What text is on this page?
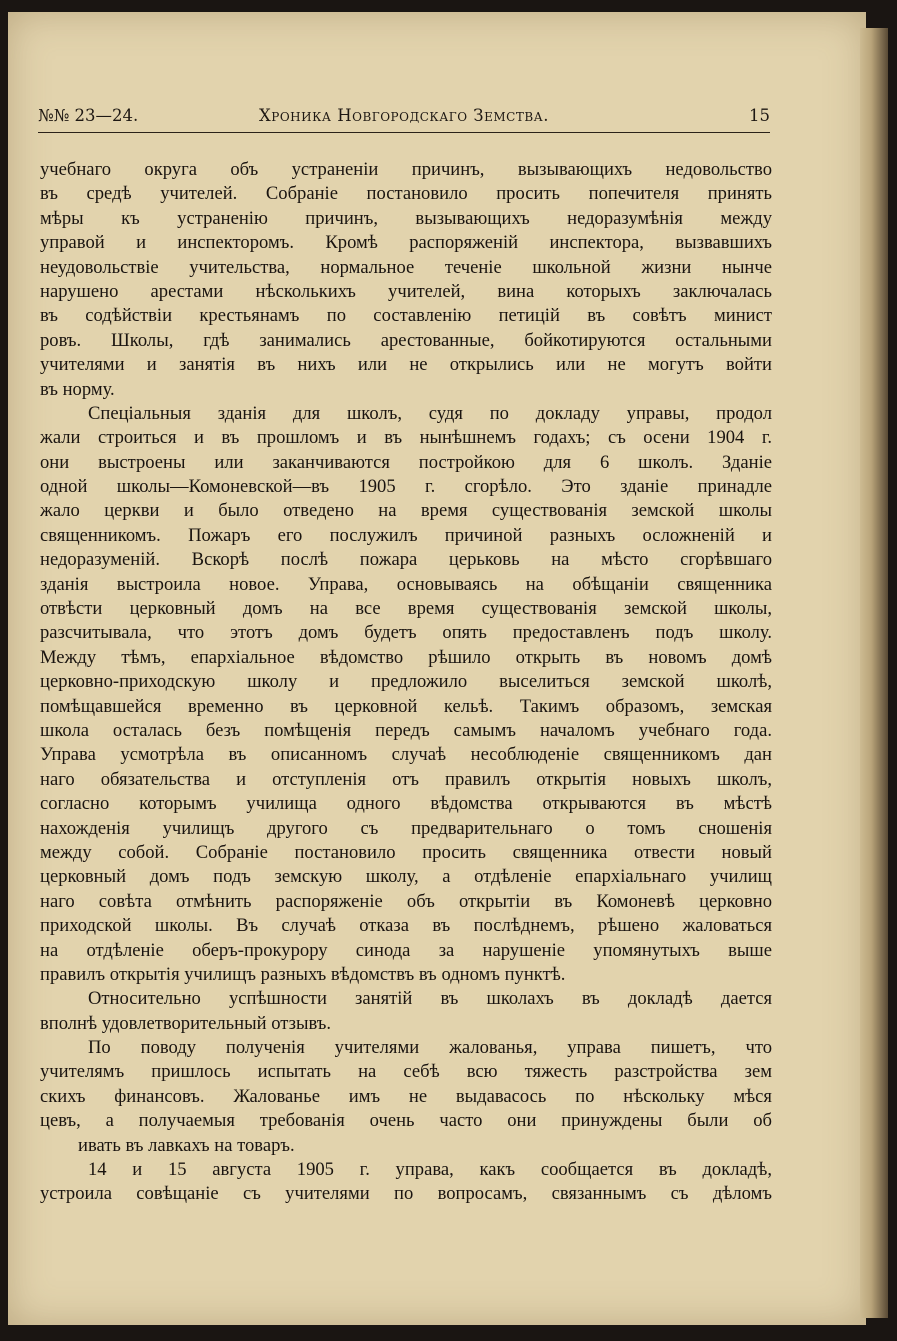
№№ 23—24.	Хроника Новгородскаго Земства.	15
учебнаго округа объ устраненіи причинъ, вызывающихъ недовольство
въ средѣ учителей. Собраніе постановило просить попечителя принять
мѣры къ устраненію причинъ, вызывающихъ недоразумѣнія между
управой и инспекторомъ. Кромѣ распоряженій инспектора, вызвавшихъ
неудовольствіе учительства, нормальное теченіе школьной жизни нынче
нарушено арестами нѣсколькихъ учителей, вина которыхъ заключалась
въ содѣйствіи крестьянамъ по составленію петицій въ совѣтъ минист
ровъ. Школы, гдѣ занимались арестованные, бойкотируются остальными
учителями и занятія въ нихъ или не открылись или не могутъ войти
въ норму.
Спеціальныя зданія для школъ, судя по докладу управы, продол
жали строиться и въ прошломъ и въ нынѣшнемъ годахъ; съ осени 1904 г.
они выстроены или заканчиваются постройкою для 6 школъ. Зданіе
одной школы—Комоневской—въ 1905 г. сгорѣло. Это зданіе принадле
жало церкви и было отведено на время существованія земской школы
священникомъ. Пожаръ его послужилъ причиной разныхъ осложненій и
недоразуменій. Вскорѣ послѣ пожара церьковь на мѣсто сгорѣвшаго
зданія выстроила новое. Управа, основываясь на обѣщаніи священника
отвѣсти церковный домъ на все время существованія земской школы,
разсчитывала, что этотъ домъ будетъ опять предоставленъ подъ школу.
Между тѣмъ, епархіальное вѣдомство рѣшило открыть въ новомъ домѣ
церковно-приходскую школу и предложило выселиться земской школѣ,
помѣщавшейся временно въ церковной кельѣ. Такимъ образомъ, земская
школа осталась безъ помѣщенія передъ самымъ началомъ учебнаго года.
Управа усмотрѣла въ описанномъ случаѣ несоблюденіе священникомъ дан
наго обязательства и отступленія отъ правилъ открытія новыхъ школъ,
согласно которымъ училища одного вѣдомства открываются въ мѣстѣ
нахожденія училищъ другого съ предварительнаго о томъ сношенія
между собой. Собраніе постановило просить священника отвести новый
церковный домъ подъ земскую школу, а отдѣленіе епархіальнаго училищ
наго совѣта отмѣнить распоряженіе объ открытіи въ Комоневѣ церковно
приходской школы. Въ случаѣ отказа въ послѣднемъ, рѣшено жаловаться
на отдѣленіе оберъ-прокурору синода за нарушеніе упомянутыхъ выше
правилъ открытія училищъ разныхъ вѣдомствъ въ одномъ пунктѣ.
Относительно успѣшности занятій въ школахъ въ докладѣ дается
вполнѣ удовлетворительный отзывъ.
По поводу полученія учителями жалованья, управа пишетъ, что
учителямъ пришлось испытать на себѣ всю тяжесть разстройства зем
скихъ финансовъ. Жалованье имъ не выдавасось по нѣскольку мѣся
цевъ, а получаемыя требованія очень часто они принуждены были об
ивать въ лавкахъ на товаръ.
14 и 15 августа 1905 г. управа, какъ сообщается въ докладѣ,
устроила совѣщаніе съ учителями по вопросамъ, связаннымъ съ дѣломъ
